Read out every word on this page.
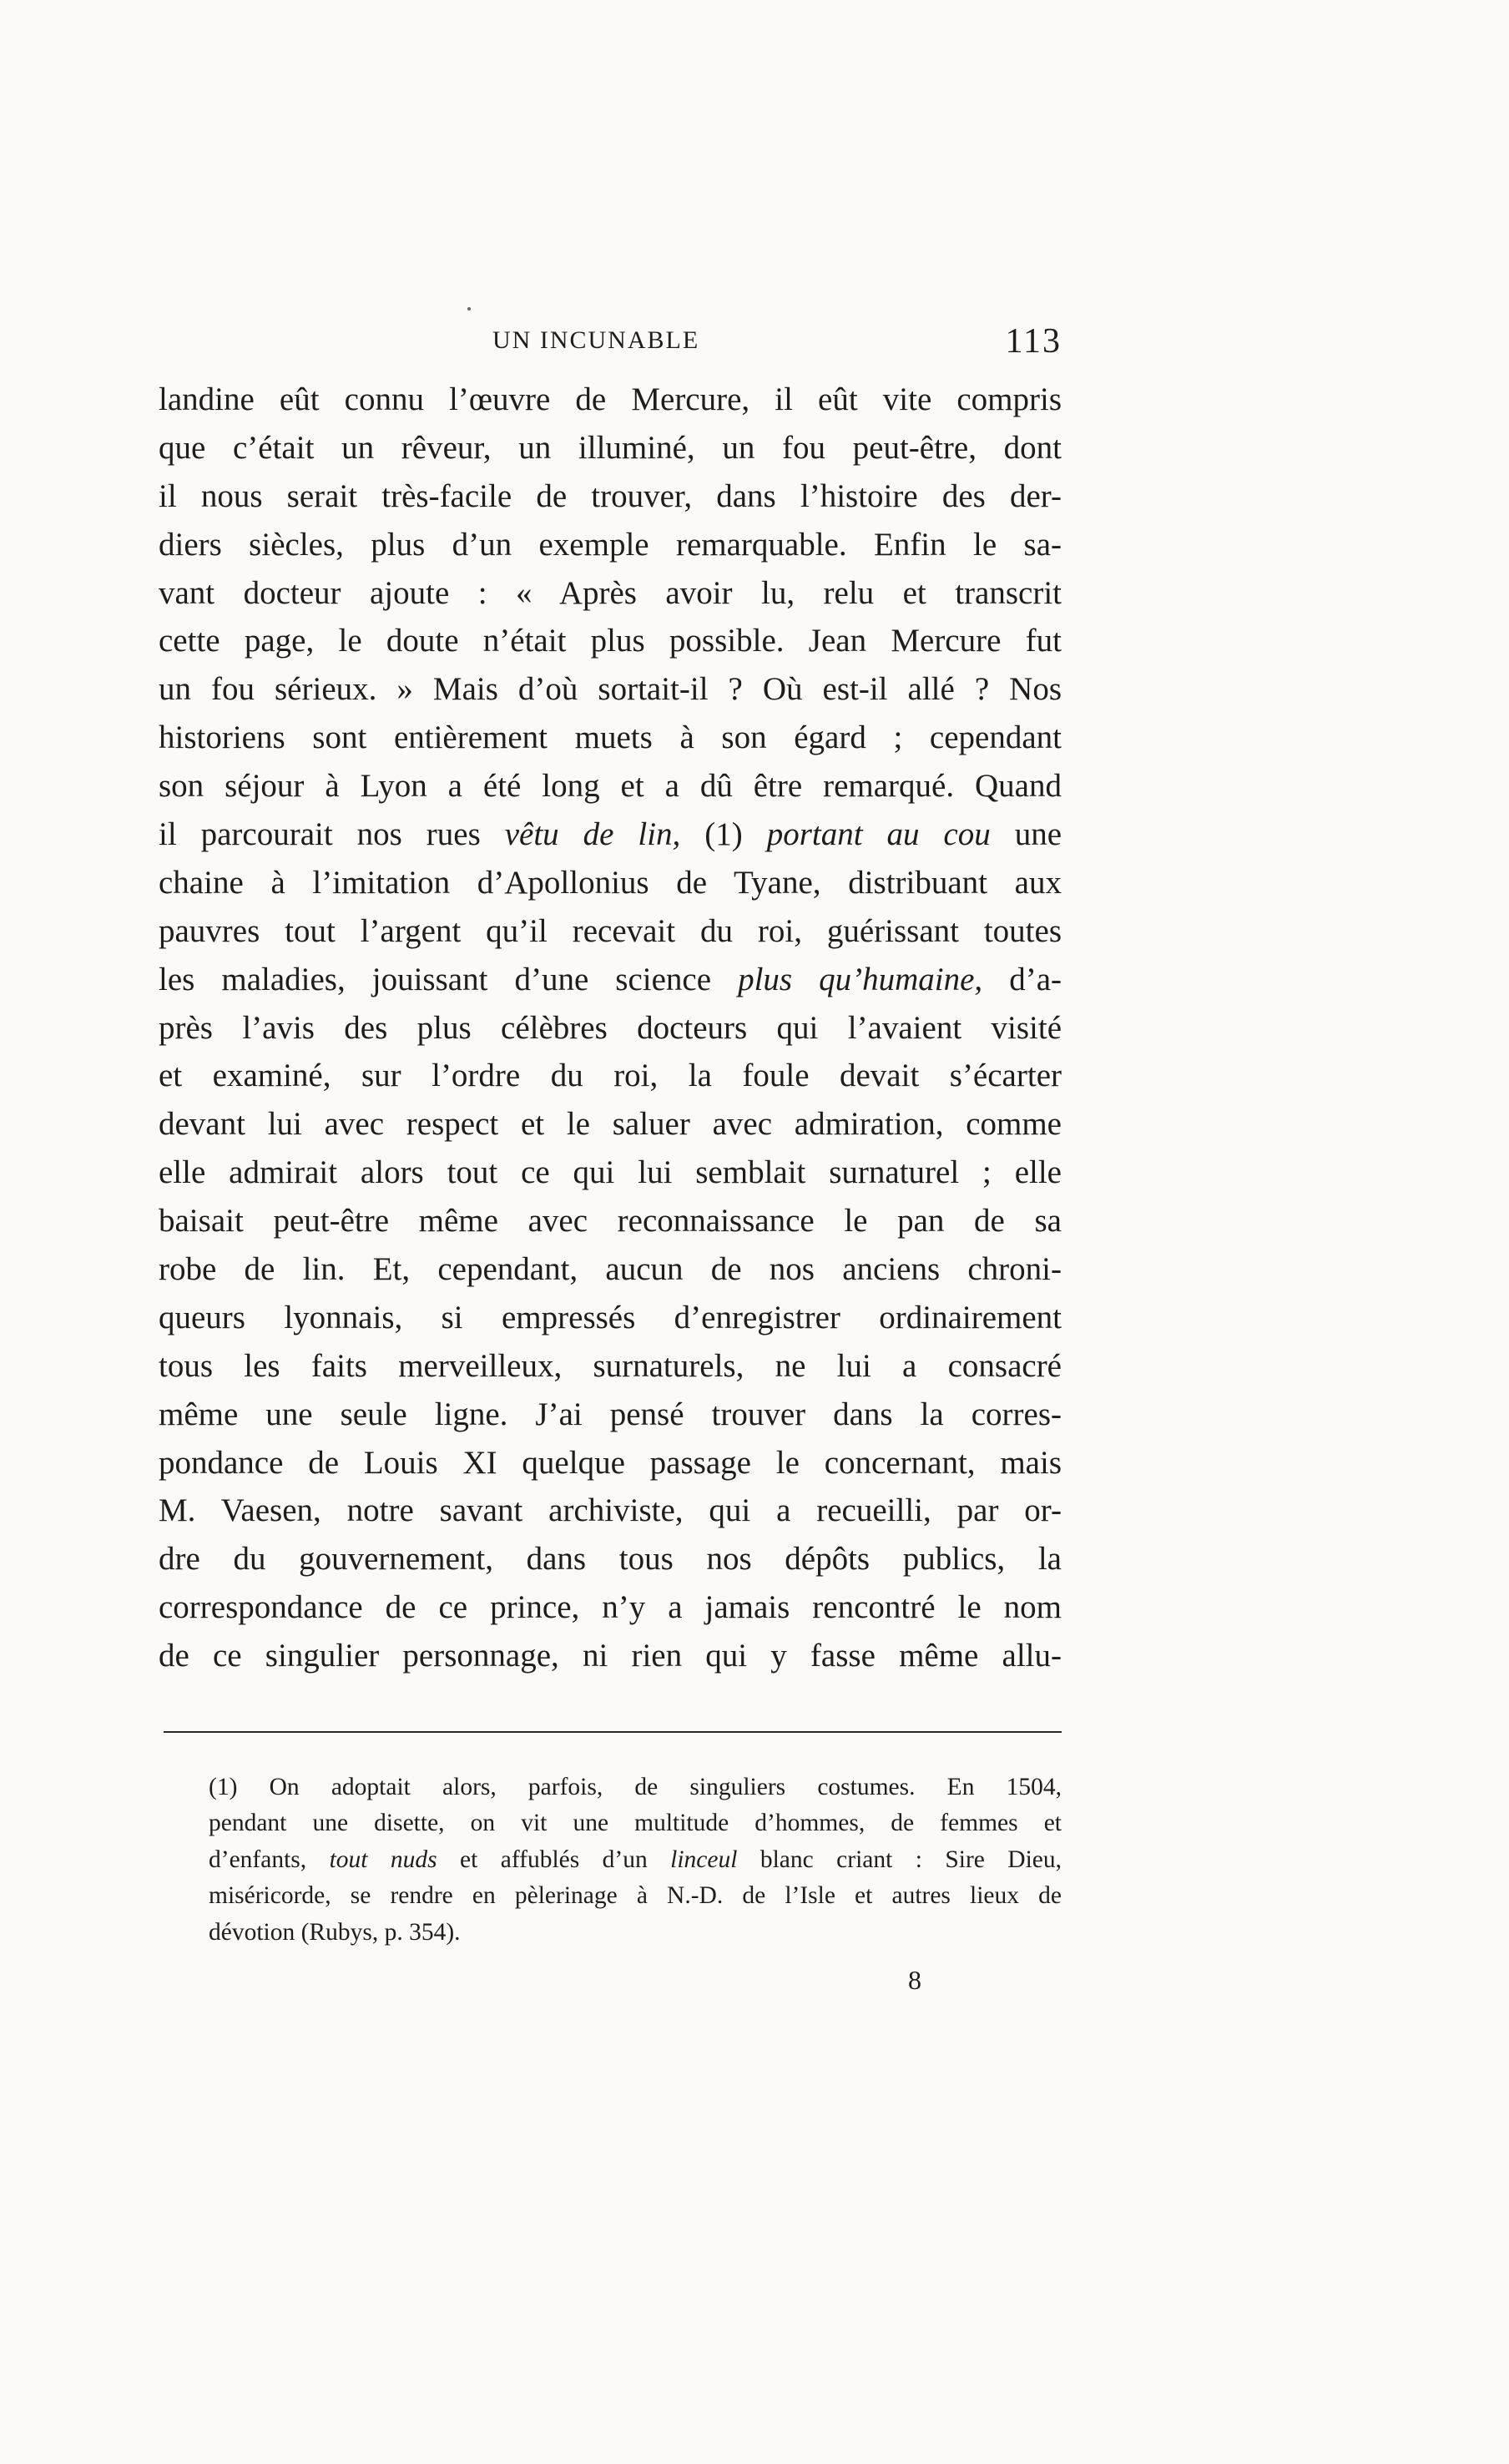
UN INCUNABLE	113
landine eût connu l’œuvre de Mercure, il eût vite compris
que c’était un rêveur, un illuminé, un fou peut-être, dont
il nous serait très-facile de trouver, dans l’histoire des der-
diers siècles, plus d’un exemple remarquable. Enfin le sa-
vant docteur ajoute : « Après avoir lu, relu et transcrit
cette page, le doute n’était plus possible. Jean Mercure fut
un fou sérieux. » Mais d’où sortait-il ? Où est-il allé ? Nos
historiens sont entièrement muets à son égard ; cependant
son séjour à Lyon a été long et a dû être remarqué. Quand
il parcourait nos rues vêtu de lin, (1) portant au cou une
chaine à l’imitation d’Apollonius de Tyane, distribuant aux
pauvres tout l’argent qu’il recevait du roi, guérissant toutes
les maladies, jouissant d’une science plus qu’humaine, d’a-
près l’avis des plus célèbres docteurs qui l’avaient visité
et examiné, sur l’ordre du roi, la foule devait s’écarter
devant lui avec respect et le saluer avec admiration, comme
elle admirait alors tout ce qui lui semblait surnaturel ; elle
baisait peut-être même avec reconnaissance le pan de sa
robe de lin. Et, cependant, aucun de nos anciens chroni-
queurs lyonnais, si empressés d’enregistrer ordinairement
tous les faits merveilleux, surnaturels, ne lui a consacré
même une seule ligne. J’ai pensé trouver dans la corres-
pondance de Louis XI quelque passage le concernant, mais
M. Vaesen, notre savant archiviste, qui a recueilli, par or-
dre du gouvernement, dans tous nos dépôts publics, la
correspondance de ce prince, n’y a jamais rencontré le nom
de ce singulier personnage, ni rien qui y fasse même allu-
(1) On adoptait alors, parfois, de singuliers costumes. En 1504,
pendant une disette, on vit une multitude d’hommes, de femmes et
d’enfants, tout nuds et affublés d’un linceul blanc criant : Sire Dieu,
miséricorde, se rendre en pèlerinage à N.-D. de l’Isle et autres lieux de
dévotion (Rubys, p. 354).
8
